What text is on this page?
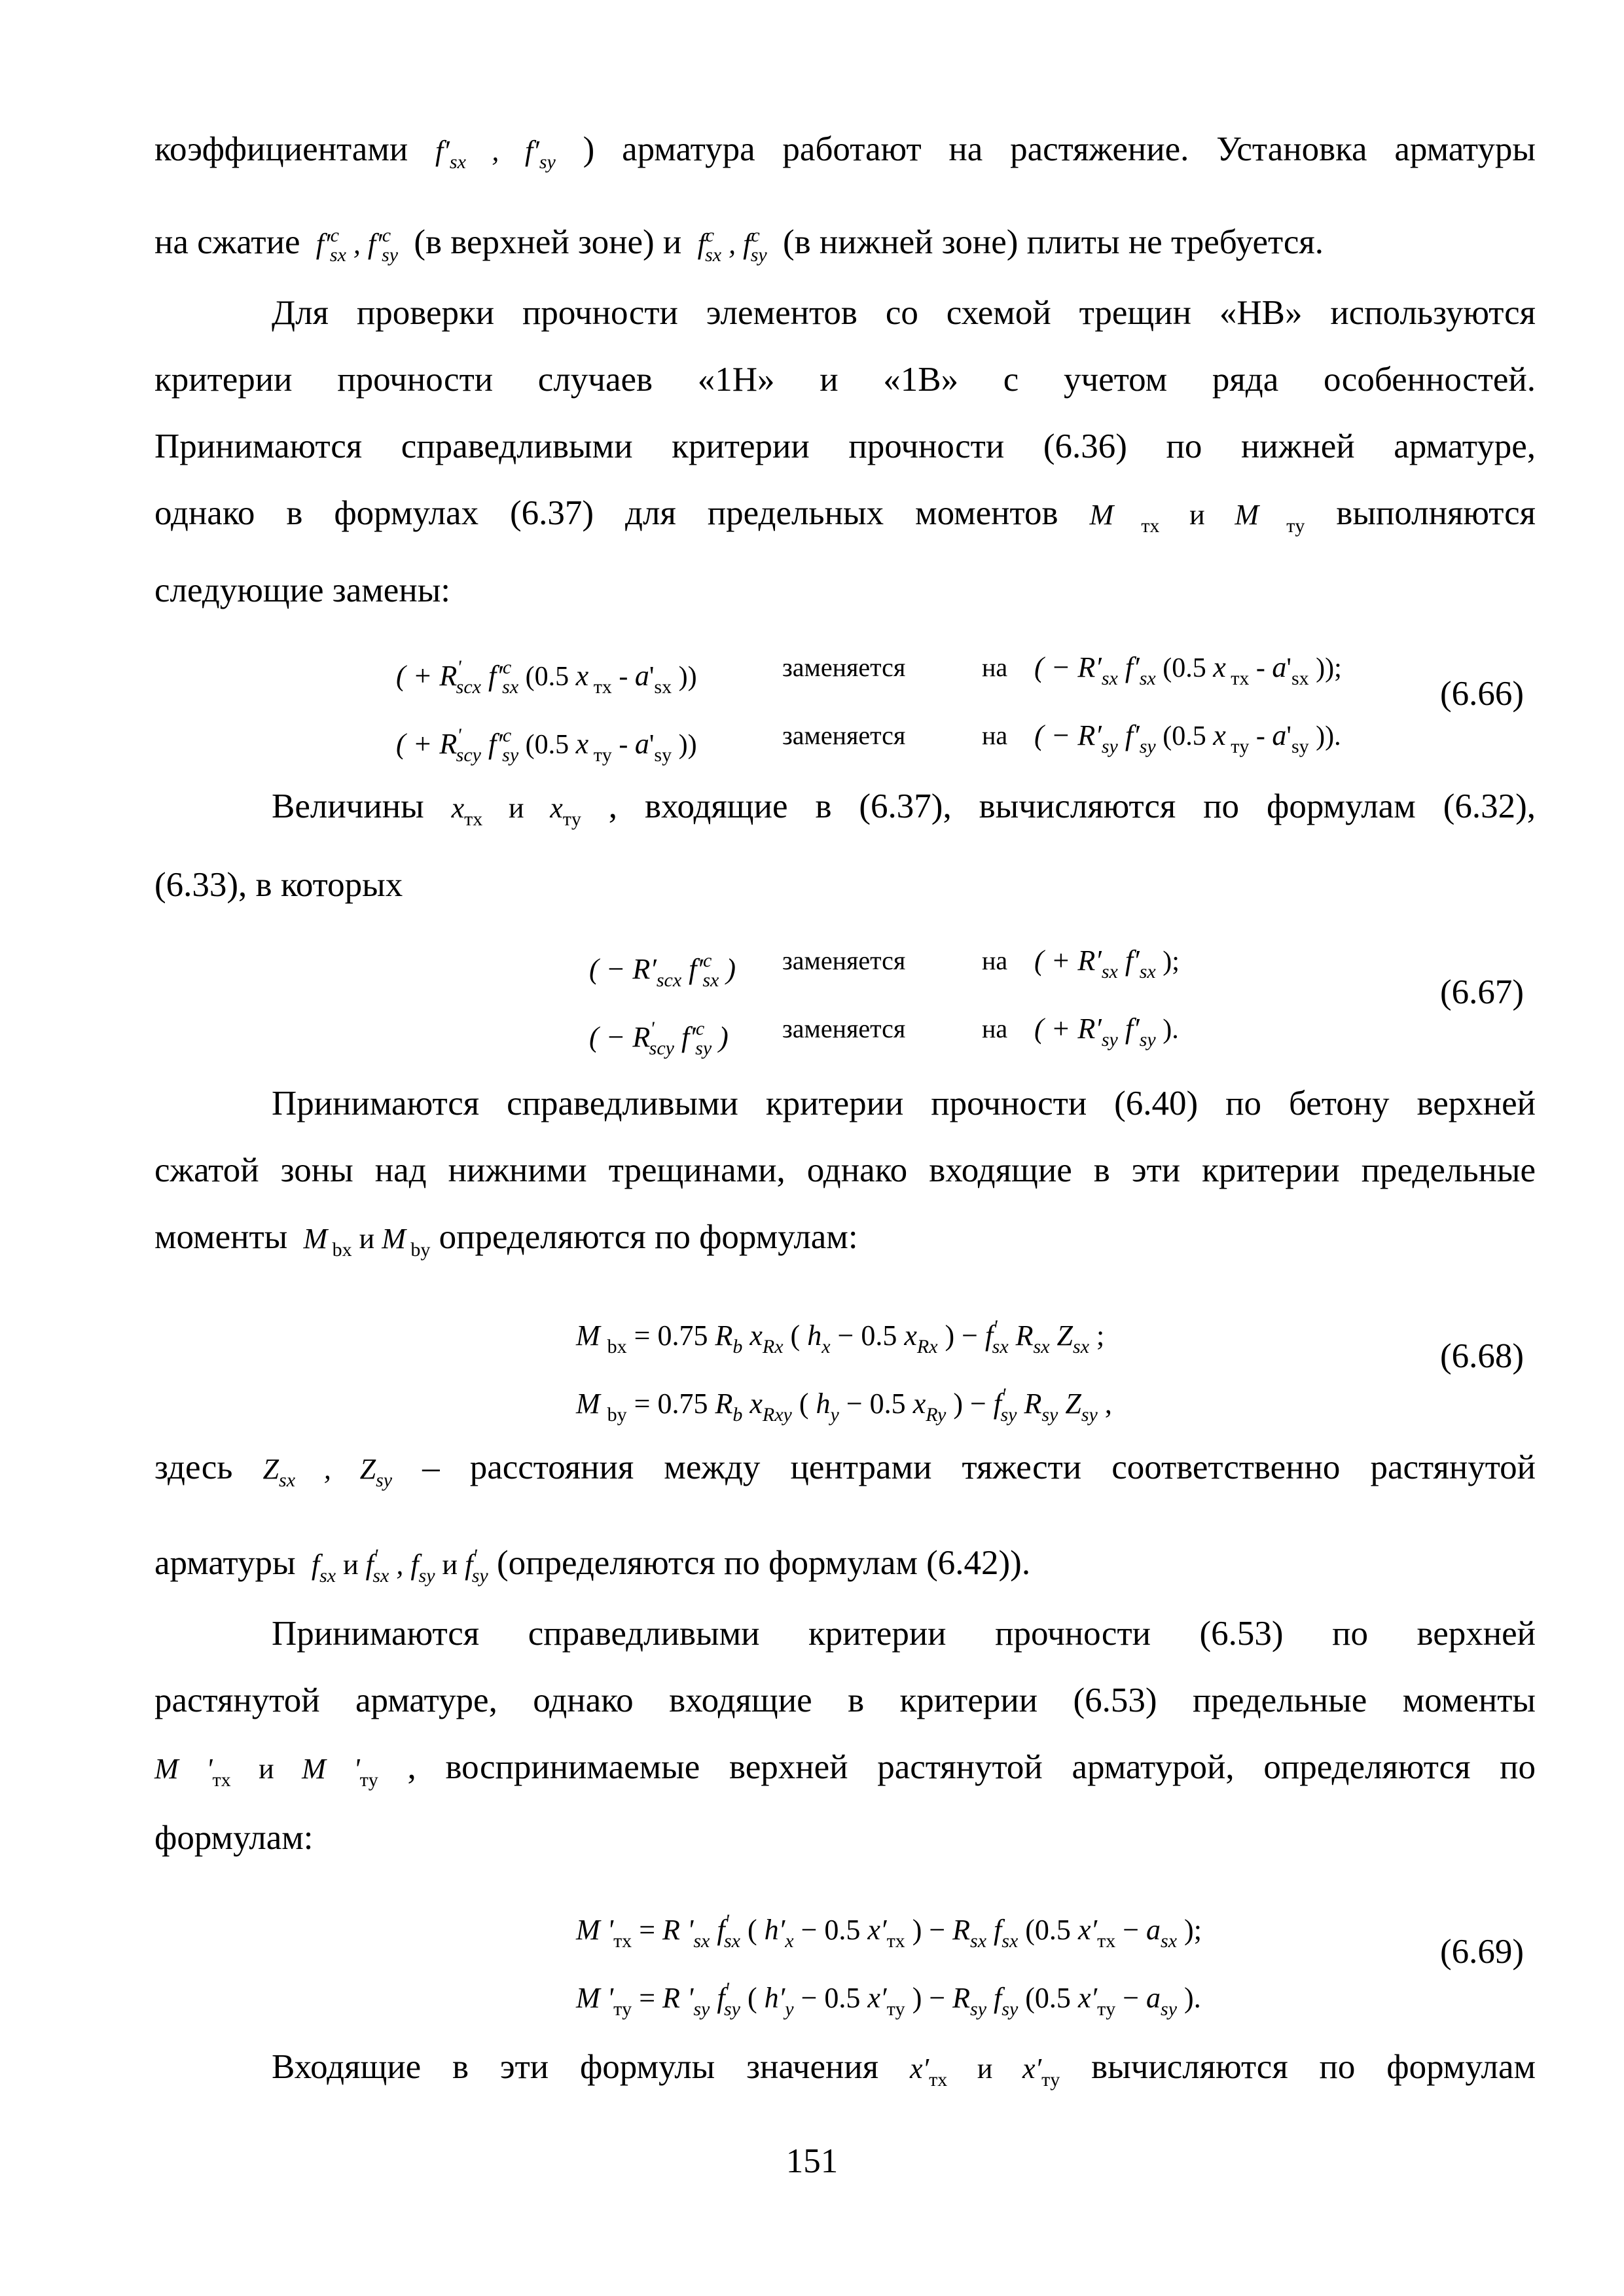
коэффициентами $f'_{sx}$ , $f'_{sy}$ ) арматура работают на растяжение. Установка арматуры
на сжатие  $f'^c_{sx}$ , $f'^c_{sy}$ (в верхней зоне) и  $f^c_{sx}$ , $f^c_{sy}$ (в нижней зоне) плиты не требуется.
Для проверки прочности элементов со схемой трещин «НВ» используются
критерии прочности случаев «1Н» и «1В» с учетом ряда особенностей.
Принимаются справедливыми критерии прочности (6.36) по нижней арматуре,
однако в формулах (6.37) для предельных моментов M $_{тx}$ и M $_{тy}$ выполняются
следующие замены:
( + $R'_{scx}$ $f'^c_{sx}$ (0.5 x $_{тx} - a'_{sx}$ ))	заменяется	на ( − $R'_{sx}$ $f'_{sx}$ (0.5 x $_{тx} - a'_{sx}$ ));
( + $R'_{scy}$ $f'^c_{sy}$ (0.5 x $_{тy} - a'_{sy}$ ))	заменяется	на ( − $R'_{sy}$ $f'_{sy}$ (0.5 x $_{тy} - a'_{sy}$ )).
(6.66)
Величины $x_{тx}$ и $x_{тy}$ , входящие в (6.37), вычисляются по формулам (6.32),
(6.33), в которых
( − $R'_{scx}$ $f'^c_{sx}$ ) заменяется	на ( + $R'_{sx}$ $f'_{sx}$ );
( − $R'_{scy}$ $f'^c_{sy}$ ) заменяется	на ( + $R'_{sy}$ $f'_{sy}$ ).
(6.67)
Принимаются справедливыми критерии прочности (6.40) по бетону верхней
сжатой зоны над нижними трещинами, однако входящие в эти критерии предельные
моменты  M $_{bx}$ и M $_{by}$ определяются по формулам:
M $_{bx}$ = 0.75 $R_b$ $x_{Rx}$ ( $h_x - 0.5$ $x_{Rx}$ ) − $f'_{sx}$ $R_{sx}$ $Z_{sx}$ ;
M $_{by}$ = 0.75 $R_b$ $x_{Rxy}$ ( $h_y - 0.5$ $x_{Ry}$ ) − $f'_{sy}$ $R_{sy}$ $Z_{sy}$ ,
(6.68)
здесь $Z_{sx}$ , $Z_{sy}$ – расстояния между центрами тяжести соответственно растянутой
арматуры  $f_{sx}$ и $f'_{sx}$ , $f_{sy}$ и $f'_{sy}$ (определяются по формулам (6.42)).
Принимаются справедливыми критерии прочности (6.53) по верхней
растянутой арматуре, однако входящие в критерии (6.53) предельные моменты
M '$_{тx}$ и M '$_{тy}$ , воспринимаемые верхней растянутой арматурой, определяются по
формулам:
M '$_{тx} = R$ '$_{sx}$ $f'_{sx}$ ( $h'_x - 0.5$ $x'_{тx}$ ) − $R_{sx}$ $f_{sx}$ (0.5 $x'_{тx} - a_{sx}$ );
M '$_{тy} = R$ '$_{sy}$ $f'_{sy}$ ( $h'_y - 0.5$ $x'_{тy}$ ) − $R_{sy}$ $f_{sy}$ (0.5 $x'_{тy} - a_{sy}$ ).
(6.69)
Входящие в эти формулы значения $x'_{тx}$ и $x'_{тy}$ вычисляются по формулам
151
